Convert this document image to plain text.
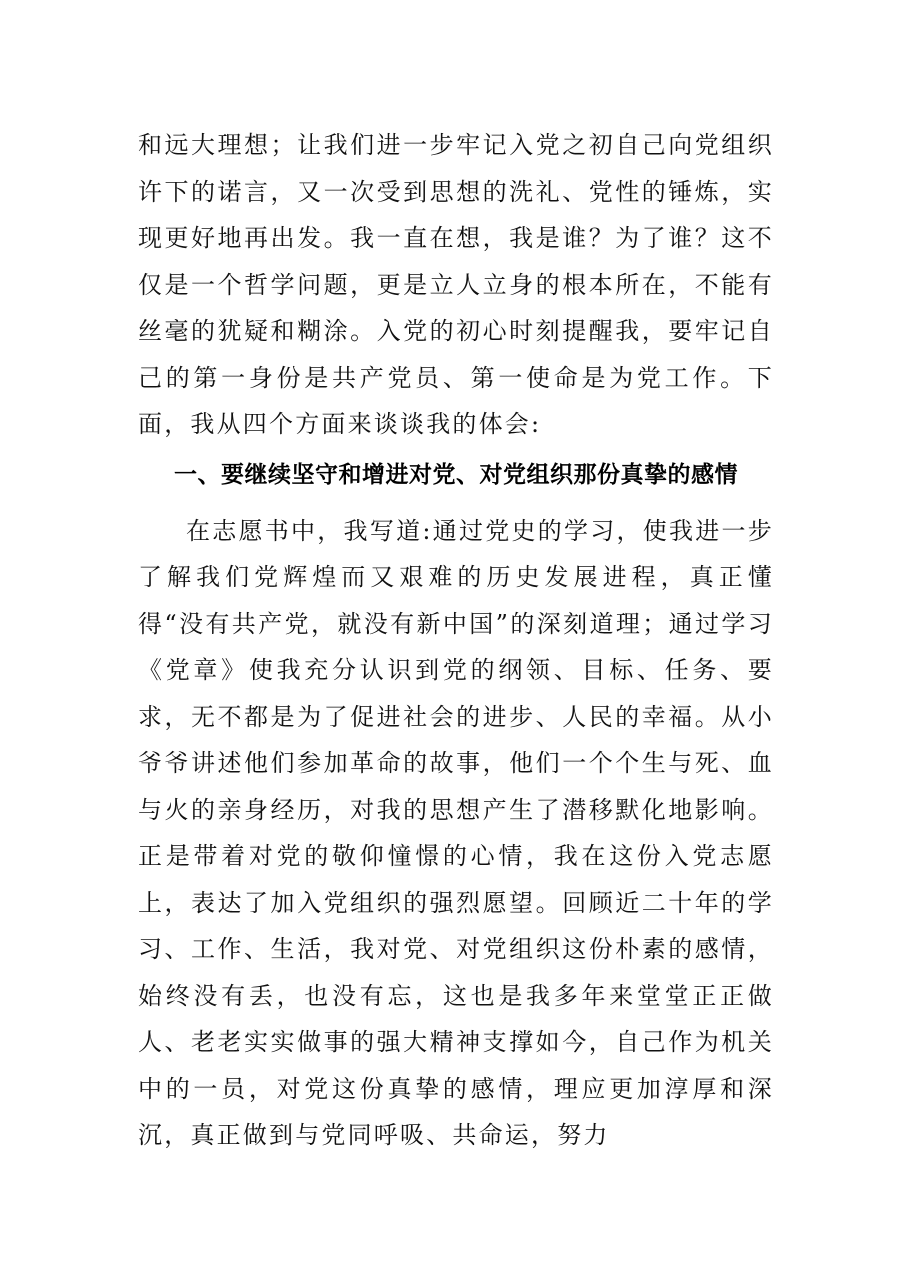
和远大理想；让我们进一步牢记入党之初自己向党组织许下的诺言，又一次受到思想的洗礼、党性的锤炼，实现更好地再出发。我一直在想，我是谁？为了谁？这不仅是一个哲学问题，更是立人立身的根本所在，不能有丝毫的犹疑和糊涂。入党的初心时刻提醒我，要牢记自己的第一身份是共产党员、第一使命是为党工作。下面，我从四个方面来谈谈我的体会:

一、要继续坚守和增进对党、对党组织那份真挚的感情

在志愿书中，我写道:通过党史的学习，使我进一步了解我们党辉煌而又艰难的历史发展进程，真正懂得“没有共产党，就没有新中国”的深刻道理；通过学习《党章》使我充分认识到党的纲领、目标、任务、要求，无不都是为了促进社会的进步、人民的幸福。从小爷爷讲述他们参加革命的故事，他们一个个生与死、血与火的亲身经历，对我的思想产生了潜移默化地影响。正是带着对党的敬仰憧憬的心情，我在这份入党志愿上，表达了加入党组织的强烈愿望。回顾近二十年的学习、工作、生活，我对党、对党组织这份朴素的感情，始终没有丢，也没有忘，这也是我多年来堂堂正正做人、老老实实做事的强大精神支撑如今，自己作为机关中的一员，对党这份真挚的感情，理应更加淳厚和深沉，真正做到与党同呼吸、共命运，努力
